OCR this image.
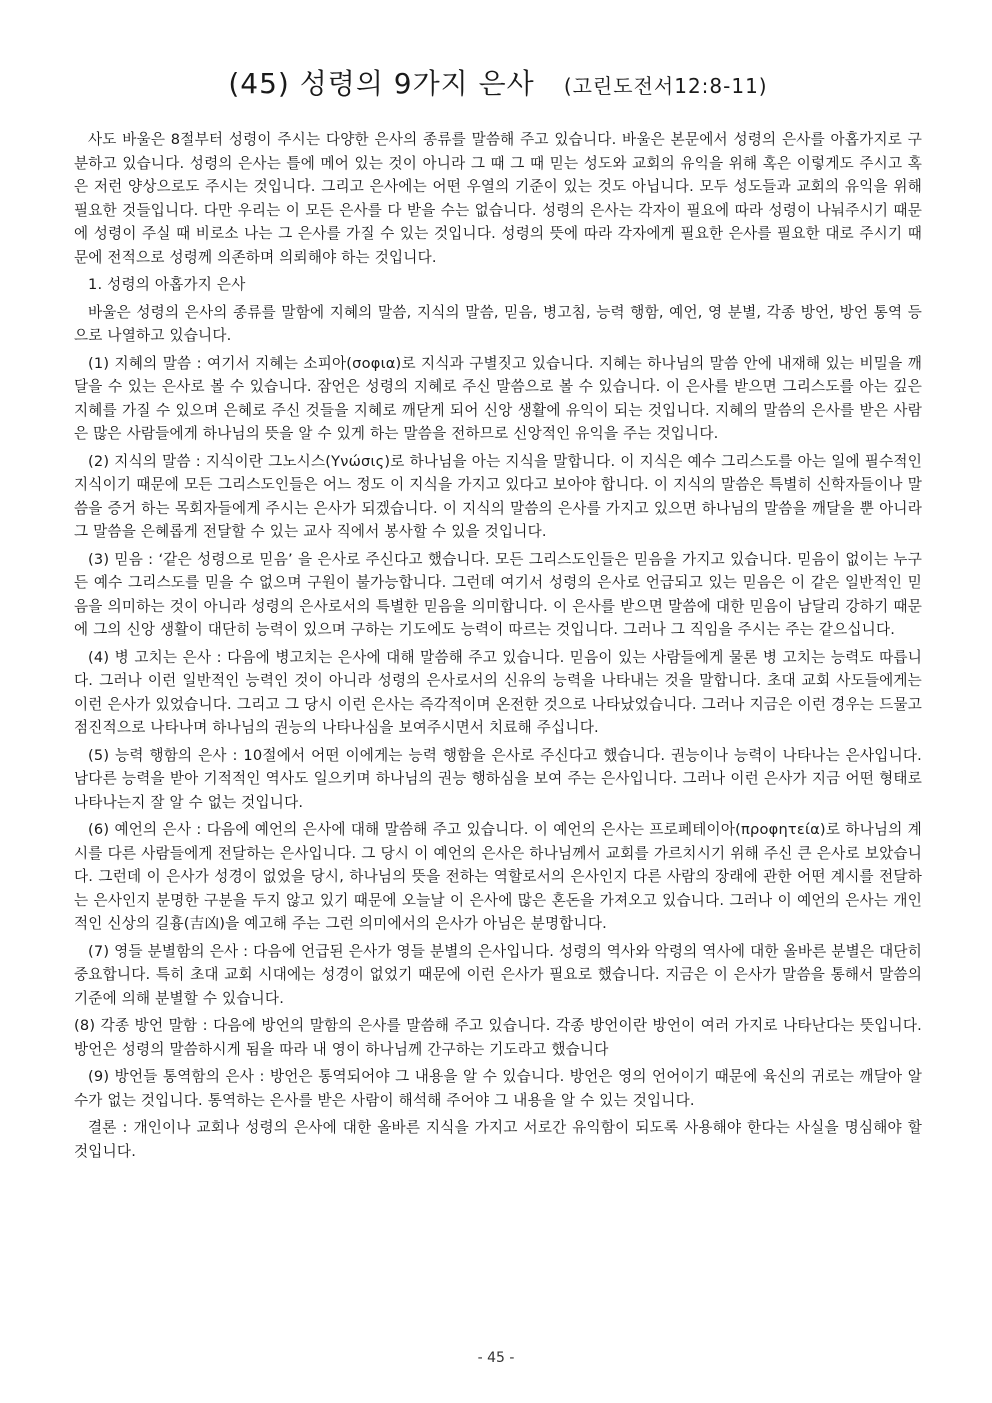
(45) 성령의 9가지 은사 (고린도전서12:8-11)

사도 바울은 8절부터 성령이 주시는 다양한 은사의 종류를 말씀해 주고 있습니다. 바울은 본문에서 성령의 은사를 아홉가지로 구분하고 있습니다. 성령의 은사는 틀에 메어 있는 것이 아니라 그 때 그 때 믿는 성도와 교회의 유익을 위해 혹은 이렇게도 주시고 혹은 저런 양상으로도 주시는 것입니다. 그리고 은사에는 어떤 우열의 기준이 있는 것도 아닙니다. 모두 성도들과 교회의 유익을 위해 필요한 것들입니다. 다만 우리는 이 모든 은사를 다 받을 수는 없습니다. 성령의 은사는 각자이 필요에 따라 성령이 나눠주시기 때문에 성령이 주실 때 비로소 나는 그 은사를 가질 수 있는 것입니다. 성령의 뜻에 따라 각자에게 필요한 은사를 필요한 대로 주시기 때문에 전적으로 성령께 의존하며 의뢰해야 하는 것입니다.

1. 성령의 아홉가지 은사

바울은 성령의 은사의 종류를 말함에 지혜의 말씀, 지식의 말씀, 믿음, 병고침, 능력 행함, 예언, 영 분별, 각종 방언, 방언 통역 등으로 나열하고 있습니다.

(1) 지혜의 말씀 : 여기서 지혜는 소피아(σοφια)로 지식과 구별짓고 있습니다. 지혜는 하나님의 말씀 안에 내재해 있는 비밀을 깨달을 수 있는 은사로 볼 수 있습니다. 잠언은 성령의 지혜로 주신 말씀으로 볼 수 있습니다. 이 은사를 받으면 그리스도를 아는 깊은 지혜를 가질 수 있으며 은혜로 주신 것들을 지혜로 깨닫게 되어 신앙 생활에 유익이 되는 것입니다. 지혜의 말씀의 은사를 받은 사람은 많은 사람들에게 하나님의 뜻을 알 수 있게 하는 말씀을 전하므로 신앙적인 유익을 주는 것입니다.

(2) 지식의 말씀 : 지식이란 그노시스(Υνώσις)로 하나님을 아는 지식을 말합니다. 이 지식은 예수 그리스도를 아는 일에 필수적인 지식이기 때문에 모든 그리스도인들은 어느 정도 이 지식을 가지고 있다고 보아야 합니다. 이 지식의 말씀은 특별히 신학자들이나 말씀을 증거 하는 목회자들에게 주시는 은사가 되겠습니다. 이 지식의 말씀의 은사를 가지고 있으면 하나님의 말씀을 깨달을 뿐 아니라 그 말씀을 은혜롭게 전달할 수 있는 교사 직에서 봉사할 수 있을 것입니다.

(3) 믿음 : ‘같은 성령으로 믿음’ 을 은사로 주신다고 했습니다. 모든 그리스도인들은 믿음을 가지고 있습니다. 믿음이 없이는 누구든 예수 그리스도를 믿을 수 없으며 구원이 불가능합니다. 그런데 여기서 성령의 은사로 언급되고 있는 믿음은 이 같은 일반적인 믿음을 의미하는 것이 아니라 성령의 은사로서의 특별한 믿음을 의미합니다. 이 은사를 받으면 말씀에 대한 믿음이 남달리 강하기 때문에 그의 신앙 생활이 대단히 능력이 있으며 구하는 기도에도 능력이 따르는 것입니다. 그러나 그 직임을 주시는 주는 같으십니다.

(4) 병 고치는 은사 : 다음에 병고치는 은사에 대해 말씀해 주고 있습니다. 믿음이 있는 사람들에게 물론 병 고치는 능력도 따릅니다. 그러나 이런 일반적인 능력인 것이 아니라 성령의 은사로서의 신유의 능력을 나타내는 것을 말합니다. 초대 교회 사도들에게는 이런 은사가 있었습니다. 그리고 그 당시 이런 은사는 즉각적이며 온전한 것으로 나타났었습니다. 그러나 지금은 이런 경우는 드물고 점진적으로 나타나며 하나님의 권능의 나타나심을 보여주시면서 치료해 주십니다.

(5) 능력 행함의 은사 : 10절에서 어떤 이에게는 능력 행함을 은사로 주신다고 했습니다. 권능이나 능력이 나타나는 은사입니다. 남다른 능력을 받아 기적적인 역사도 일으키며 하나님의 권능 행하심을 보여 주는 은사입니다. 그러나 이런 은사가 지금 어떤 형태로 나타나는지 잘 알 수 없는 것입니다.

(6) 예언의 은사 : 다음에 예언의 은사에 대해 말씀해 주고 있습니다. 이 예언의 은사는 프로페테이아(προφητεία)로 하나님의 계시를 다른 사람들에게 전달하는 은사입니다. 그 당시 이 예언의 은사은 하나님께서 교회를 가르치시기 위해 주신 큰 은사로 보았습니다. 그런데 이 은사가 성경이 없었을 당시, 하나님의 뜻을 전하는 역할로서의 은사인지 다른 사람의 장래에 관한 어떤 계시를 전달하는 은사인지 분명한 구분을 두지 않고 있기 때문에 오늘날 이 은사에 많은 혼돈을 가져오고 있습니다. 그러나 이 예언의 은사는 개인적인 신상의 길흉(吉凶)을 예고해 주는 그런 의미에서의 은사가 아님은 분명합니다.

(7) 영들 분별함의 은사 : 다음에 언급된 은사가 영들 분별의 은사입니다. 성령의 역사와 악령의 역사에 대한 올바른 분별은 대단히 중요합니다. 특히 초대 교회 시대에는 성경이 없었기 때문에 이런 은사가 필요로 했습니다. 지금은 이 은사가 말씀을 통해서 말씀의 기준에 의해 분별할 수 있습니다.

(8) 각종 방언 말함 : 다음에 방언의 말함의 은사를 말씀해 주고 있습니다. 각종 방언이란 방언이 여러 가지로 나타난다는 뜻입니다. 방언은 성령의 말씀하시게 됨을 따라 내 영이 하나님께 간구하는 기도라고 했습니다

(9) 방언들 통역함의 은사 : 방언은 통역되어야 그 내용을 알 수 있습니다. 방언은 영의 언어이기 때문에 육신의 귀로는 깨달아 알 수가 없는 것입니다. 통역하는 은사를 받은 사람이 해석해 주어야 그 내용을 알 수 있는 것입니다.

결론 : 개인이나 교회나 성령의 은사에 대한 올바른 지식을 가지고 서로간 유익함이 되도록 사용해야 한다는 사실을 명심해야 할 것입니다.

- 45 -
